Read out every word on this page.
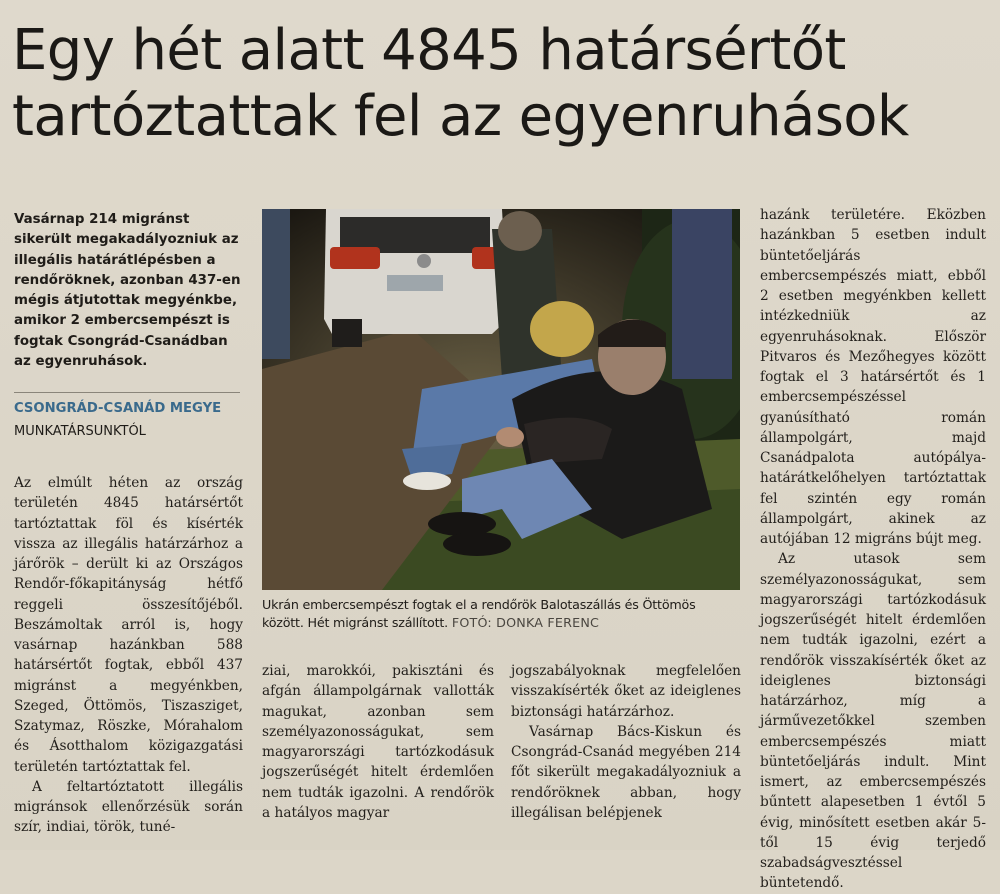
Egy hét alatt 4845 határsértőt
tartóztattak fel az egyenruhások
Vasárnap 214 migránst sikerült megakadályozniuk az illegális határátlépésben a rendőröknek, azonban 437-en mégis átjutottak megyénkbe, amikor 2 embercsempészt is fogtak Csongrád-Csanádban az egyenruhások.
CSONGRÁD-CSANÁD MEGYE
MUNKATÁRSUNKTÓL

Az elmúlt héten az ország területén 4845 határsértőt tartóztattak föl és kísérték vissza az illegális határzárhoz a járőrök – derült ki az Országos Rendőr-főkapitányság hétfő reggeli összesítőjéből. Beszámoltak arról is, hogy vasárnap hazánkban 588 határsértőt fogtak, ebből 437 migránst a megyénkben, Szeged, Öttömös, Tiszasziget, Szatymaz, Röszke, Mórahalom és Ásotthalom közigazgatási területén tartóztattak fel.

A feltartóztatott illegális migránsok ellenőrzésük során szír, indiai, török, tuné-

Ukrán embercsempészt fogtak el a rendőrök Balotaszállás és Öttömös között. Hét migránst szállított. FOTÓ: DONKA FERENC

ziai, marokkói, pakisztáni és afgán állampolgárnak vallották magukat, azonban sem személyazonosságukat, sem magyarországi tartózkodásuk jogszerűségét hitelt érdemlően nem tudták igazolni. A rendőrök a hatályos magyar

jogszabályoknak megfelelően visszakísérték őket az ideiglenes biztonsági határzárhoz.

Vasárnap Bács-Kiskun és Csongrád-Csanád megyében 214 főt sikerült megakadályozniuk a rendőröknek abban, hogy illegálisan belépjenek

hazánk területére. Eközben hazánkban 5 esetben indult büntetőeljárás embercsempészés miatt, ebből 2 esetben megyénkben kellett intézkedniük az egyenruhásoknak. Először Pitvaros és Mezőhegyes között fogtak el 3 határsértőt és 1 embercsempészéssel gyanúsítható román állampolgárt, majd Csanádpalota autópálya-határátkelőhelyen tartóztattak fel szintén egy román állampolgárt, akinek az autójában 12 migráns bújt meg.

Az utasok sem személyazonosságukat, sem magyarországi tartózkodásuk jogszerűségét hitelt érdemlően nem tudták igazolni, ezért a rendőrök visszakísérték őket az ideiglenes biztonsági határzárhoz, míg a járművezetőkkel szemben embercsempészés miatt büntetőeljárás indult. Mint ismert, az embercsempészés bűntett alapesetben 1 évtől 5 évig, minősített esetben akár 5-től 15 évig terjedő szabadságvesztéssel büntetendő.
